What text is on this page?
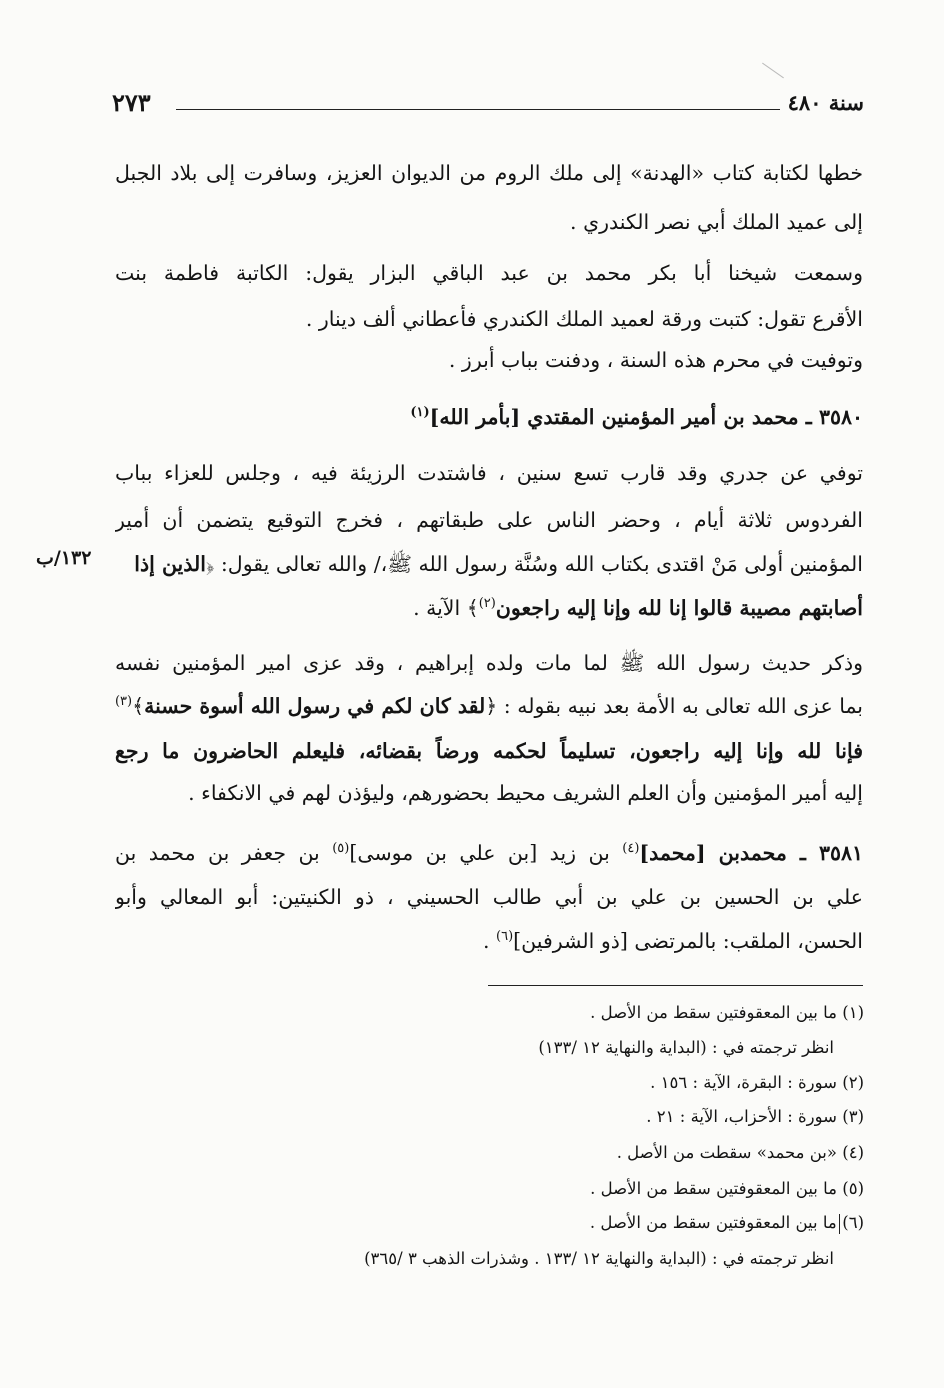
٢٧٣	سنة ٤٨٠
خطها لكتابة كتاب «الهدنة» إلى ملك الروم من الديوان العزيز، وسافرت إلى بلاد الجبل
إلى عميد الملك أبي نصر الكندري .
وسمعت شيخنا أبا بكر محمد بن عبد الباقي البزار يقول: الكاتبة فاطمة بنت
الأقرع تقول: كتبت ورقة لعميد الملك الكندري فأعطاني ألف دينار .
وتوفيت في محرم هذه السنة ، ودفنت بباب أبرز .
٣٥٨٠ ـ محمد بن أمير المؤمنين المقتدي [بأمر الله]$^{(١)}$
توفي عن جدري وقد قارب تسع سنين ، فاشتدت الرزيئة فيه ، وجلس للعزاء بباب
الفردوس ثلاثة أيام ، وحضر الناس على طبقاتهم ، فخرج التوقيع يتضمن أن أمير
المؤمنين أولى مَنْ اقتدى بكتاب الله وسُنَّة رسول الله ﷺ،/ والله تعالى يقول: ﴿الذين إذا
١٣٢/ب
أصابتهم مصيبة قالوا إنا لله وإنا إليه راجعون$^{(٢)}$﴾ الآية .
وذكر حديث رسول الله ﷺ لما مات ولده إبراهيم ، وقد عزى امير المؤمنين نفسه
بما عزى الله تعالى به الأمة بعد نبيه بقوله : ﴿لقد كان لكم في رسول الله أسوة حسنة﴾$^{(٣)}$
فإنا لله وإنا إليه راجعون، تسليماً لحكمه ورضاً بقضائه، فليعلم الحاضرون ما رجع
إليه أمير المؤمنين وأن العلم الشريف محيط بحضورهم، وليؤذن لهم في الانكفاء .
٣٥٨١ ـ محمدبن [محمد]$^{(٤)}$ بن زيد [بن علي بن موسى]$^{(٥)}$ بن جعفر بن محمد بن
علي بن الحسين بن علي بن أبي طالب الحسيني ، ذو الكنيتين: أبو المعالي وأبو
الحسن، الملقب: بالمرتضى [ذو الشرفين]$^{(٦)}$ .
(١) ما بين المعقوفتين سقط من الأصل .
انظر ترجمته في : (البداية والنهاية ١٢ /١٣٣)
(٢) سورة : البقرة، الآية : ١٥٦ .
(٣) سورة : الأحزاب، الآية : ٢١ .
(٤) «بن محمد» سقطت من الأصل .
(٥) ما بين المعقوفتين سقط من الأصل .
(٦)ما بين المعقوفتين سقط من الأصل .
انظر ترجمته في : (البداية والنهاية ١٢ /١٣٣ . وشذرات الذهب ٣ /٣٦٥)
